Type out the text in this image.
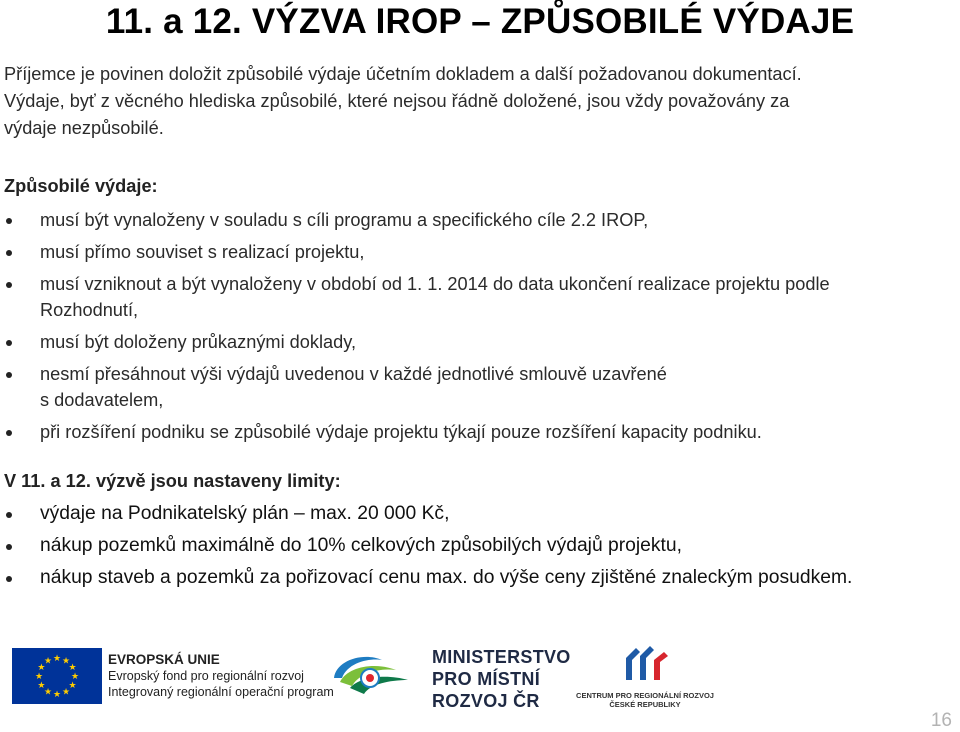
11. a 12. VÝZVA IROP – ZPŮSOBILÉ VÝDAJE
Příjemce je povinen doložit způsobilé výdaje účetním dokladem a další požadovanou dokumentací.
Výdaje, byť z věcného hlediska způsobilé, které nejsou řádně doložené, jsou vždy považovány za
výdaje nezpůsobilé.
Způsobilé výdaje:
musí být vynaloženy v souladu s cíli programu a specifického cíle 2.2 IROP,
musí přímo souviset s realizací projektu,
musí vzniknout a být vynaloženy v období od 1. 1. 2014 do data ukončení realizace projektu podle
Rozhodnutí,
musí být doloženy průkaznými doklady,
nesmí přesáhnout výši výdajů uvedenou v každé jednotlivé smlouvě uzavřené
s dodavatelem,
při rozšíření podniku se způsobilé výdaje projektu týkají pouze rozšíření kapacity podniku.
V 11. a 12. výzvě jsou nastaveny limity:
výdaje na Podnikatelský plán – max. 20 000 Kč,
nákup pozemků maximálně do 10% celkových způsobilých výdajů projektu,
nákup staveb a pozemků za pořizovací cenu max. do výše ceny zjištěné znaleckým posudkem.
★
★
★
★
★
★
★
★
★ ★ ★
★ EVROPSKÁ UNIE
Evropský fond pro regionální rozvoj
Integrovaný regionální operační program
MINISTERSTVO
PRO MÍSTNÍ
ROZVOJ ČR	CENTRUM PRO REGIONÁLNÍ ROZVOJ
ČESKÉ REPUBLIKY
16
